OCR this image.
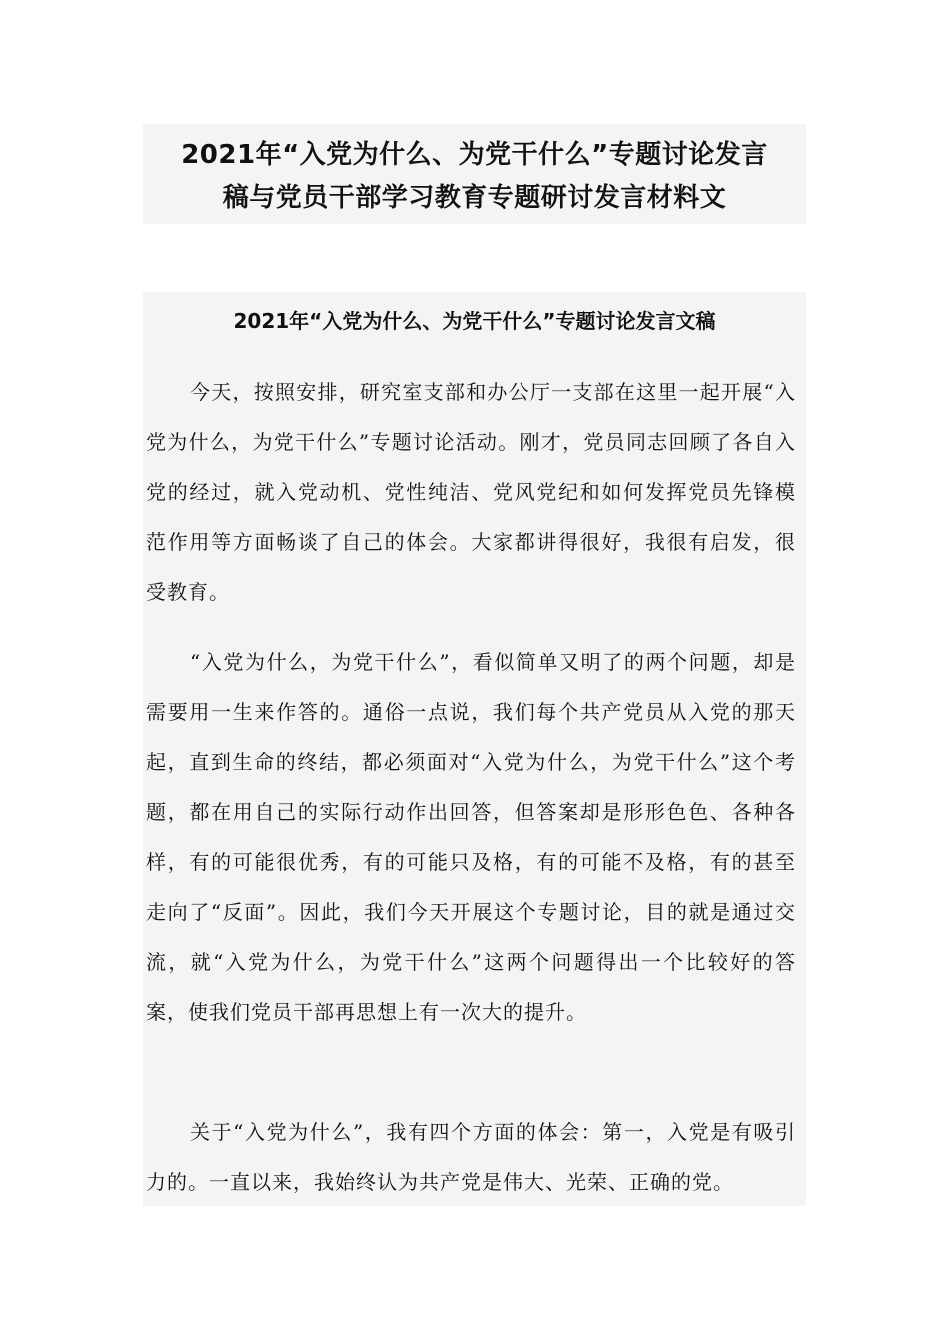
2021年“入党为什么、为党干什么”专题讨论发言
稿与党员干部学习教育专题研讨发言材料文
2021年“入党为什么、为党干什么”专题讨论发言文稿

今天，按照安排，研究室支部和办公厅一支部在这里一起开展“入党为什么，为党干什么”专题讨论活动。刚才，党员同志回顾了各自入党的经过，就入党动机、党性纯洁、党风党纪和如何发挥党员先锋模范作用等方面畅谈了自己的体会。大家都讲得很好，我很有启发，很受教育。

“入党为什么，为党干什么”，看似简单又明了的两个问题，却是需要用一生来作答的。通俗一点说，我们每个共产党员从入党的那天起，直到生命的终结，都必须面对“入党为什么，为党干什么”这个考题，都在用自己的实际行动作出回答，但答案却是形形色色、各种各样，有的可能很优秀，有的可能只及格，有的可能不及格，有的甚至走向了“反面”。因此，我们今天开展这个专题讨论，目的就是通过交流，就“入党为什么，为党干什么”这两个问题得出一个比较好的答案，使我们党员干部再思想上有一次大的提升。

关于“入党为什么”，我有四个方面的体会：第一，入党是有吸引力的。一直以来，我始终认为共产党是伟大、光荣、正确的党。
